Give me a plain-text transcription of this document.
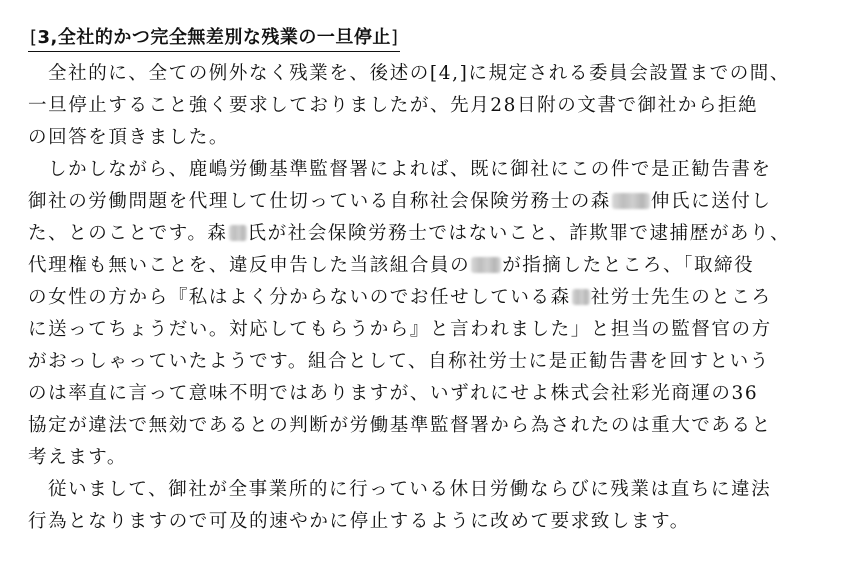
[3,全社的かつ完全無差別な残業の一旦停止]
全社的に、全ての例外なく残業を、後述の[4,]に規定される委員会設置までの間、
一旦停止すること強く要求しておりましたが、先月28日附の文書で御社から拒絶
の回答を頂きました。
しかしながら、鹿嶋労働基準監督署によれば、既に御社にこの件で是正勧告書を
御社の労働問題を代理して仕切っている自称社会保険労務士の森 伸氏に送付し
た、とのことです。森 氏が社会保険労務士ではないこと、詐欺罪で逮捕歴があり、
代理権も無いことを、違反申告した当該組合員の が指摘したところ、「取締役
の女性の方から『私はよく分からないのでお任せしている森 社労士先生のところ
に送ってちょうだい。対応してもらうから』と言われました」と担当の監督官の方
がおっしゃっていたようです。組合として、自称社労士に是正勧告書を回すという
のは率直に言って意味不明ではありますが、いずれにせよ株式会社彩光商運の36
協定が違法で無効であるとの判断が労働基準監督署から為されたのは重大であると
考えます。
従いまして、御社が全事業所的に行っている休日労働ならびに残業は直ちに違法
行為となりますので可及的速やかに停止するように改めて要求致します。
